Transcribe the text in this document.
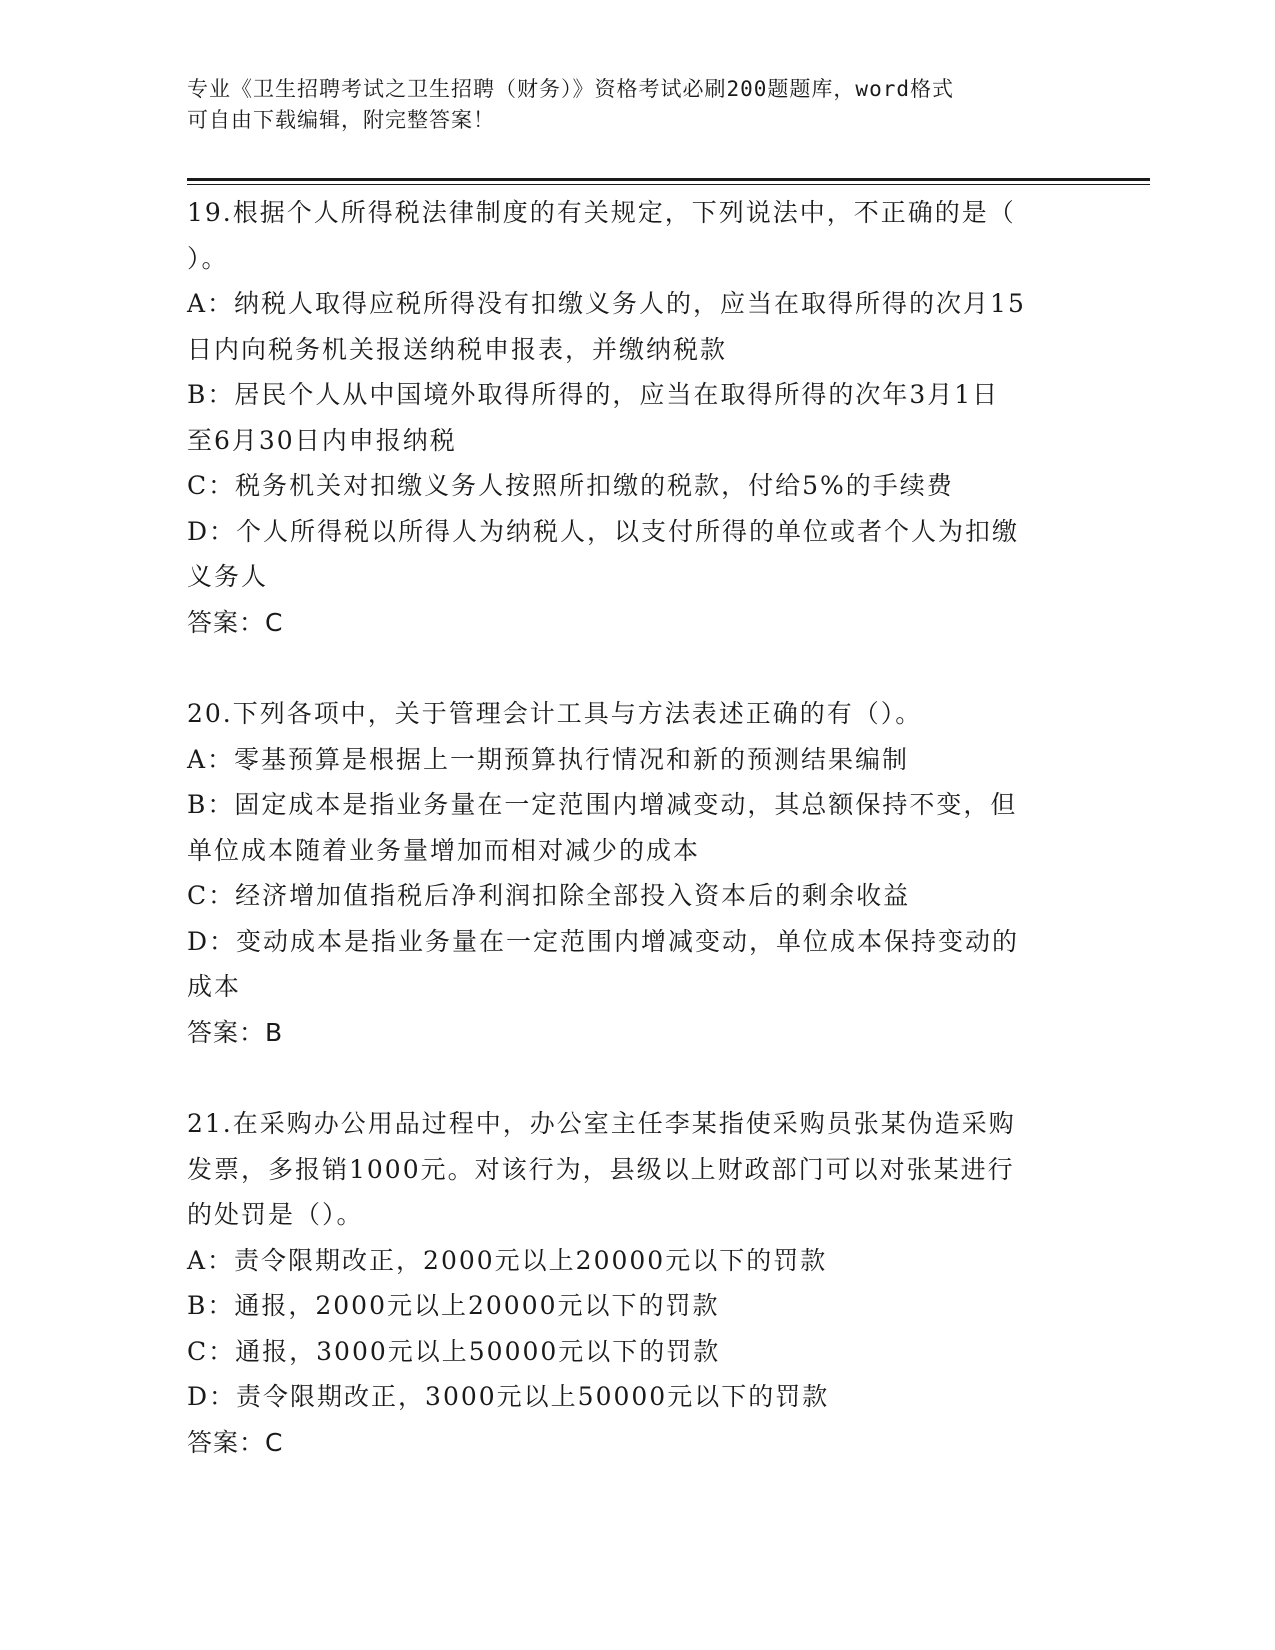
专业《卫生招聘考试之卫生招聘（财务）》资格考试必刷200题题库，word格式
可自由下载编辑，附完整答案！
19.根据个人所得税法律制度的有关规定，下列说法中，不正确的是（
）。
A：纳税人取得应税所得没有扣缴义务人的，应当在取得所得的次月15
日内向税务机关报送纳税申报表，并缴纳税款
B：居民个人从中国境外取得所得的，应当在取得所得的次年3月1日
至6月30日内申报纳税
C：税务机关对扣缴义务人按照所扣缴的税款，付给5%的手续费
D：个人所得税以所得人为纳税人，以支付所得的单位或者个人为扣缴
义务人
答案：C
20.下列各项中，关于管理会计工具与方法表述正确的有（）。
A：零基预算是根据上一期预算执行情况和新的预测结果编制
B：固定成本是指业务量在一定范围内增减变动，其总额保持不变，但
单位成本随着业务量增加而相对减少的成本
C：经济增加值指税后净利润扣除全部投入资本后的剩余收益
D：变动成本是指业务量在一定范围内增减变动，单位成本保持变动的
成本
答案：B
21.在采购办公用品过程中，办公室主任李某指使采购员张某伪造采购
发票，多报销1000元。对该行为，县级以上财政部门可以对张某进行
的处罚是（）。
A：责令限期改正，2000元以上20000元以下的罚款
B：通报，2000元以上20000元以下的罚款
C：通报，3000元以上50000元以下的罚款
D：责令限期改正，3000元以上50000元以下的罚款
答案：C
